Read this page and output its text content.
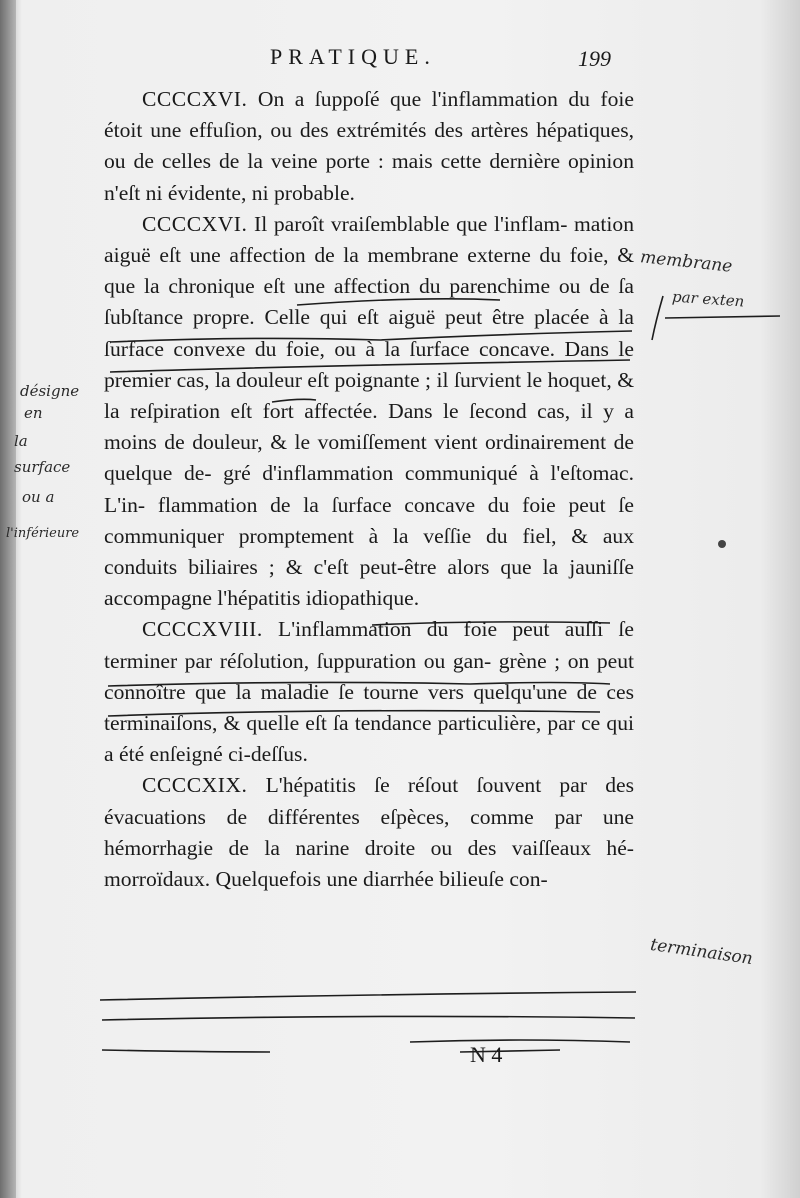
PRATIQUE.	199

CCCCXVI. On a ſuppoſé que l'inflammation du foie étoit une effuſion, ou des extrémités des artères hépatiques, ou de celles de la veine porte : mais cette dernière opinion n'eſt ni évidente, ni probable.

CCCCXVI. Il paroît vraiſemblable que l'inflam- mation aiguë eſt une affection de la membrane externe du foie, & que la chronique eſt une affection du parenchime ou de ſa ſubſtance propre. Celle qui eſt aiguë peut être placée à la ſurface convexe du foie, ou à la ſurface concave. Dans le premier cas, la douleur eſt poignante ; il ſurvient le hoquet, & la reſpiration eſt fort affectée. Dans le ſecond cas, il y a moins de douleur, & le vomiſſement vient ordinairement de quelque de- gré d'inflammation communiqué à l'eſtomac. L'in- flammation de la ſurface concave du foie peut ſe communiquer promptement à la veſſie du fiel, & aux conduits biliaires ; & c'eſt peut-être alors que la jauniſſe accompagne l'hépatitis idiopathique.

CCCCXVIII. L'inflammation du foie peut auſſi ſe terminer par réſolution, ſuppuration ou gan- grène ; on peut connoître que la maladie ſe tourne vers quelqu'une de ces terminaiſons, & quelle eſt ſa tendance particulière, par ce qui a été enſeigné ci-deſſus.

CCCCXIX. L'hépatitis ſe réſout ſouvent par des évacuations de différentes eſpèces, comme par une hémorrhagie de la narine droite ou des vaiſſeaux hé- morroïdaux. Quelquefois une diarrhée bilieuſe con-

N 4
membrane
par exten
terminaison
désigne
en
la
surface
ou a
l'inférieure
